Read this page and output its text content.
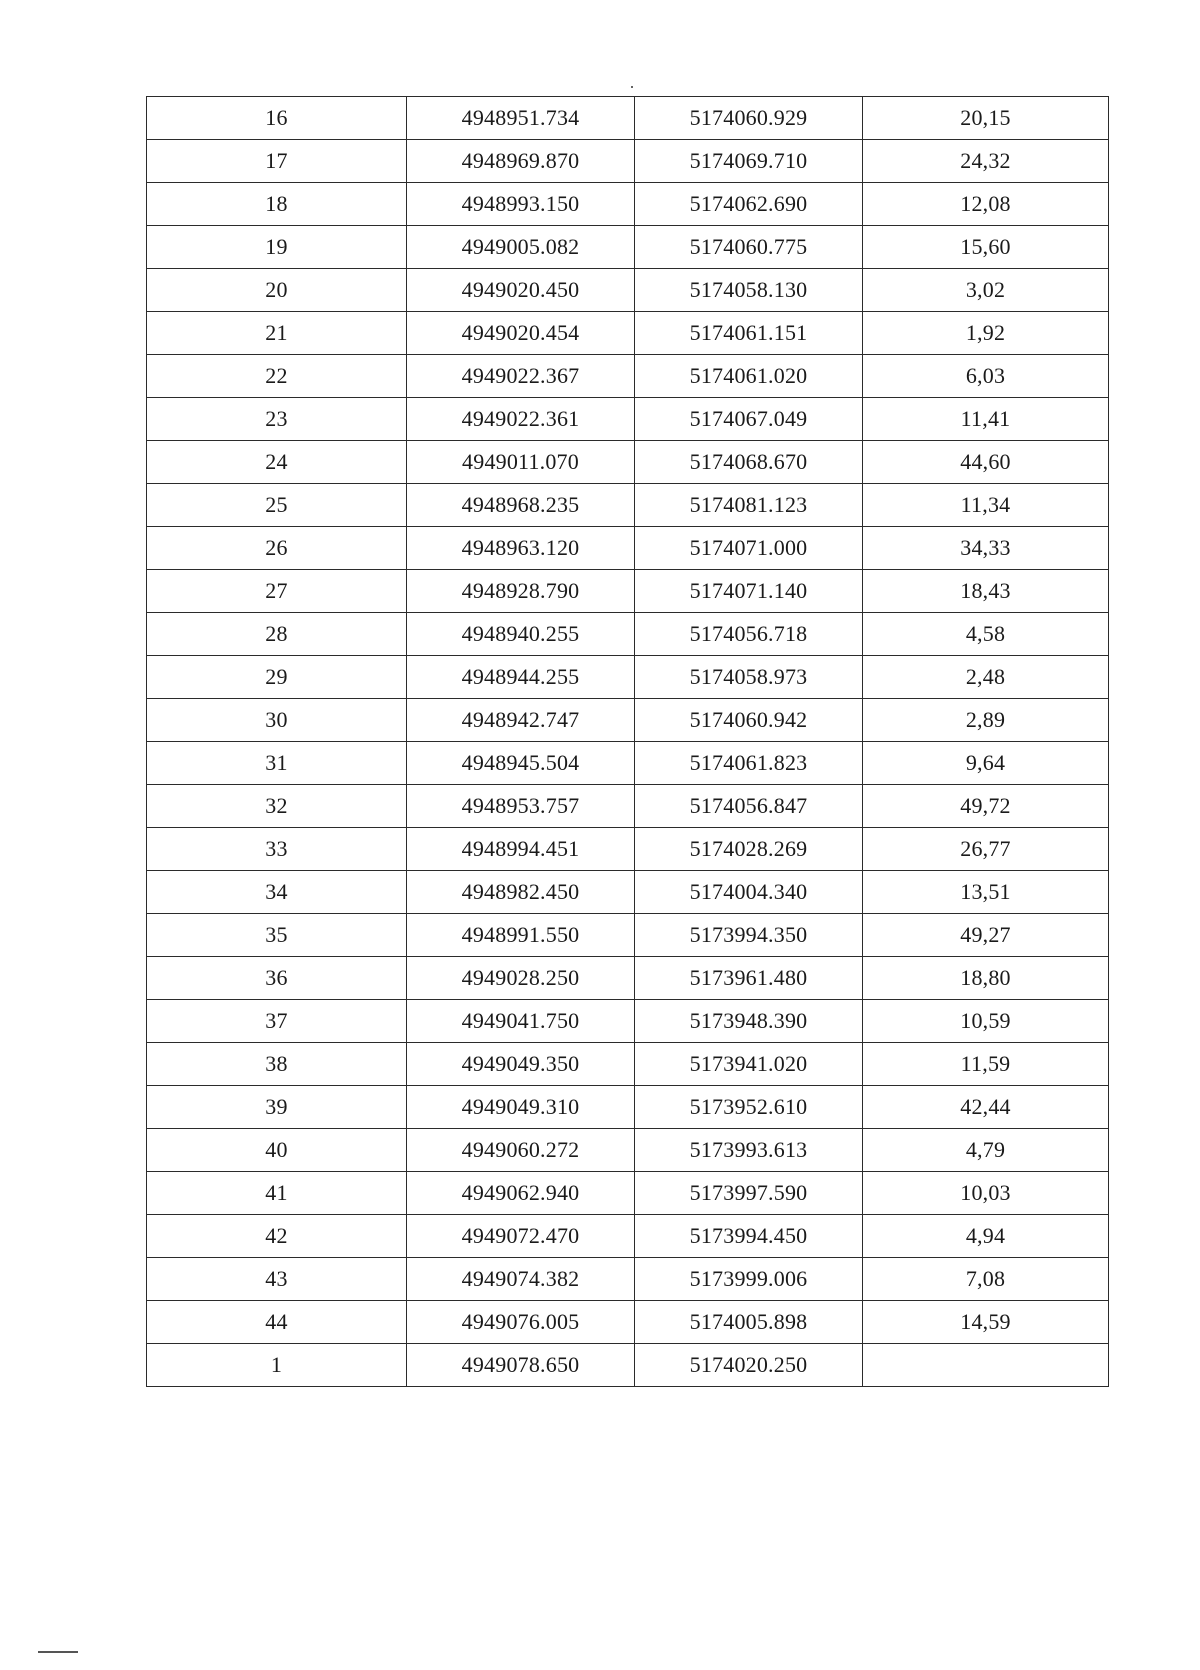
16	4948951.734	5174060.929	20,15
17	4948969.870	5174069.710	24,32
18	4948993.150	5174062.690	12,08
19	4949005.082	5174060.775	15,60
20	4949020.450	5174058.130	3,02
21	4949020.454	5174061.151	1,92
22	4949022.367	5174061.020	6,03
23	4949022.361	5174067.049	11,41
24	4949011.070	5174068.670	44,60
25	4948968.235	5174081.123	11,34
26	4948963.120	5174071.000	34,33
27	4948928.790	5174071.140	18,43
28	4948940.255	5174056.718	4,58
29	4948944.255	5174058.973	2,48
30	4948942.747	5174060.942	2,89
31	4948945.504	5174061.823	9,64
32	4948953.757	5174056.847	49,72
33	4948994.451	5174028.269	26,77
34	4948982.450	5174004.340	13,51
35	4948991.550	5173994.350	49,27
36	4949028.250	5173961.480	18,80
37	4949041.750	5173948.390	10,59
38	4949049.350	5173941.020	11,59
39	4949049.310	5173952.610	42,44
40	4949060.272	5173993.613	4,79
41	4949062.940	5173997.590	10,03
42	4949072.470	5173994.450	4,94
43	4949074.382	5173999.006	7,08
44	4949076.005	5174005.898	14,59
1	4949078.650	5174020.250	
